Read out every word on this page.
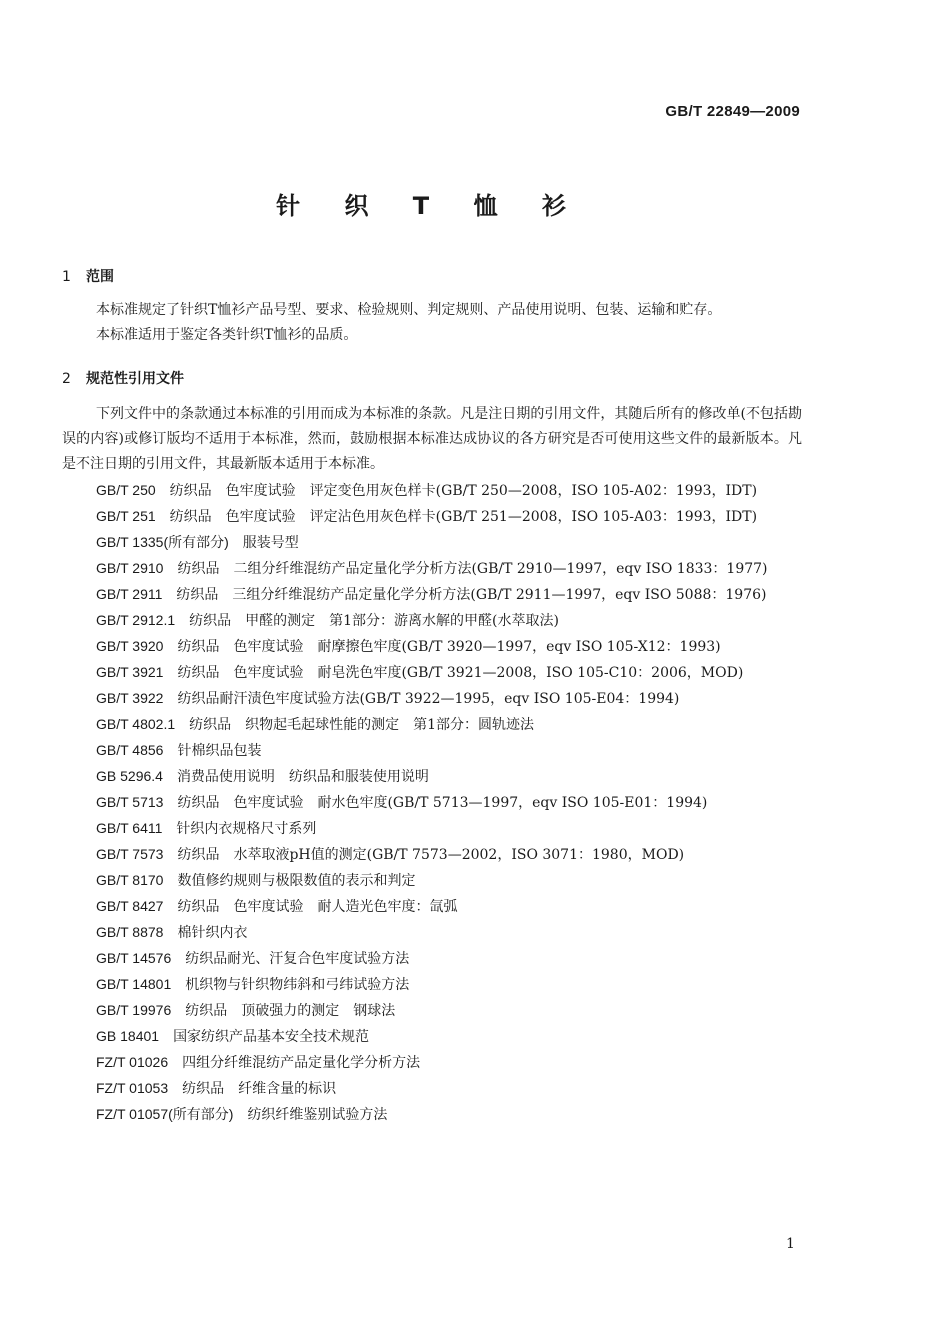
GB/T 22849—2009
针 织 T 恤 衫
1 范围

本标准规定了针织T恤衫产品号型、要求、检验规则、判定规则、产品使用说明、包装、运输和贮存。

本标准适用于鉴定各类针织T恤衫的品质。

2 规范性引用文件

下列文件中的条款通过本标准的引用而成为本标准的条款。凡是注日期的引用文件，其随后所有的修改单(不包括勘误的内容)或修订版均不适用于本标准，然而，鼓励根据本标准达成协议的各方研究是否可使用这些文件的最新版本。凡是不注日期的引用文件，其最新版本适用于本标准。

GB/T 250 纺织品　色牢度试验　评定变色用灰色样卡(GB/T 250—2008，ISO 105-A02：1993，IDT)

GB/T 251 纺织品　色牢度试验　评定沾色用灰色样卡(GB/T 251—2008，ISO 105-A03：1993，IDT)

GB/T 1335(所有部分) 服装号型

GB/T 2910 纺织品　二组分纤维混纺产品定量化学分析方法(GB/T 2910—1997，eqv ISO 1833：1977)

GB/T 2911 纺织品　三组分纤维混纺产品定量化学分析方法(GB/T 2911—1997，eqv ISO 5088：1976)

GB/T 2912.1 纺织品　甲醛的测定　第1部分：游离水解的甲醛(水萃取法)

GB/T 3920 纺织品　色牢度试验　耐摩擦色牢度(GB/T 3920—1997，eqv ISO 105-X12：1993)

GB/T 3921 纺织品　色牢度试验　耐皂洗色牢度(GB/T 3921—2008，ISO 105-C10：2006，MOD)

GB/T 3922 纺织品耐汗渍色牢度试验方法(GB/T 3922—1995，eqv ISO 105-E04：1994)

GB/T 4802.1 纺织品　织物起毛起球性能的测定　第1部分：圆轨迹法

GB/T 4856 针棉织品包装

GB 5296.4 消费品使用说明　纺织品和服装使用说明

GB/T 5713 纺织品　色牢度试验　耐水色牢度(GB/T 5713—1997，eqv ISO 105-E01：1994)

GB/T 6411 针织内衣规格尺寸系列

GB/T 7573 纺织品　水萃取液pH值的测定(GB/T 7573—2002，ISO 3071：1980，MOD)

GB/T 8170 数值修约规则与极限数值的表示和判定

GB/T 8427 纺织品　色牢度试验　耐人造光色牢度：氙弧

GB/T 8878 棉针织内衣

GB/T 14576 纺织品耐光、汗复合色牢度试验方法

GB/T 14801 机织物与针织物纬斜和弓纬试验方法

GB/T 19976 纺织品　顶破强力的测定　钢球法

GB 18401 国家纺织产品基本安全技术规范

FZ/T 01026 四组分纤维混纺产品定量化学分析方法

FZ/T 01053 纺织品　纤维含量的标识

FZ/T 01057(所有部分) 纺织纤维鉴别试验方法

1
